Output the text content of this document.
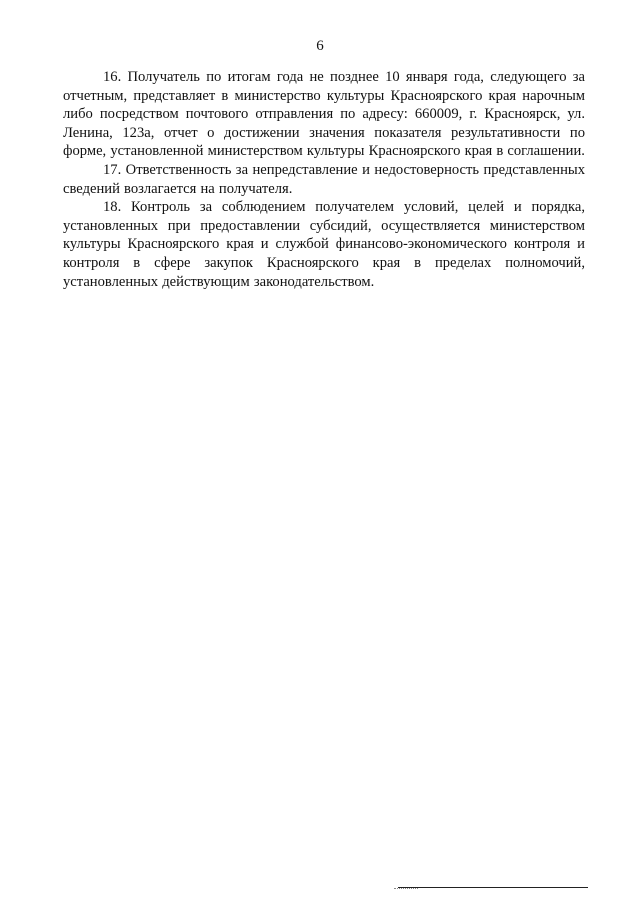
6

16. Получатель по итогам года не позднее 10 января года, следующего за отчетным, представляет в министерство культуры Красноярского края нарочным либо посредством почтового отправления по адресу: 660009, г. Красноярск, ул. Ленина, 123а, отчет о достижении значения показателя результативности по форме, установленной министерством культуры Красноярского края в соглашении.

17. Ответственность за непредставление и недостоверность представленных сведений возлагается на получателя.

18. Контроль за соблюдением получателем условий, целей и порядка, установленных при предоставлении субсидий, осуществляется министерством культуры Красноярского края и службой финансово-экономического контроля и контроля в сфере закупок Красноярского края в пределах полномочий, установленных действующим законодательством.
